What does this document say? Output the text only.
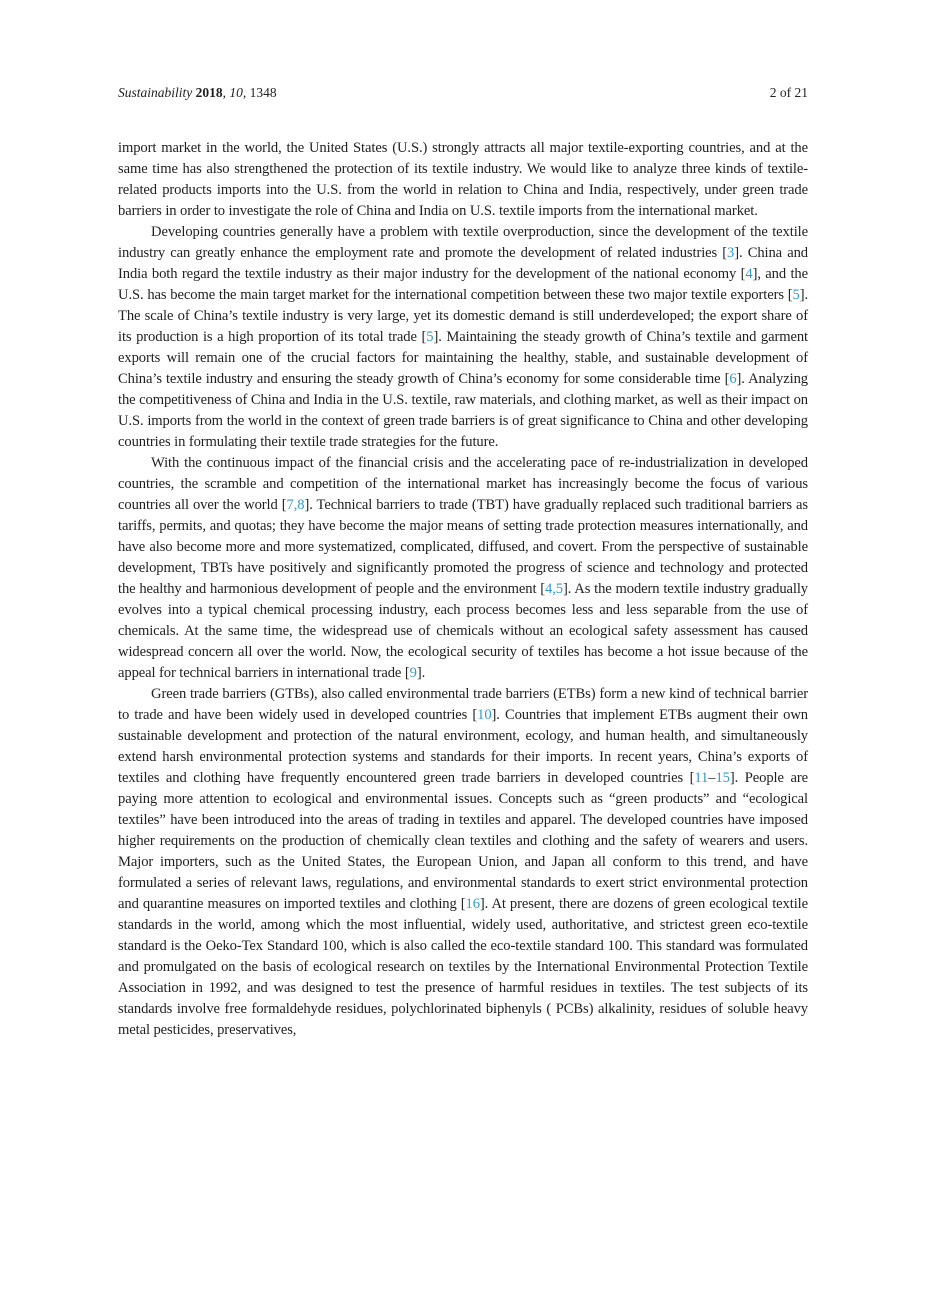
Sustainability 2018, 10, 1348	2 of 21

import market in the world, the United States (U.S.) strongly attracts all major textile-exporting countries, and at the same time has also strengthened the protection of its textile industry. We would like to analyze three kinds of textile-related products imports into the U.S. from the world in relation to China and India, respectively, under green trade barriers in order to investigate the role of China and India on U.S. textile imports from the international market.

Developing countries generally have a problem with textile overproduction, since the development of the textile industry can greatly enhance the employment rate and promote the development of related industries [3]. China and India both regard the textile industry as their major industry for the development of the national economy [4], and the U.S. has become the main target market for the international competition between these two major textile exporters [5]. The scale of China’s textile industry is very large, yet its domestic demand is still underdeveloped; the export share of its production is a high proportion of its total trade [5]. Maintaining the steady growth of China’s textile and garment exports will remain one of the crucial factors for maintaining the healthy, stable, and sustainable development of China’s textile industry and ensuring the steady growth of China’s economy for some considerable time [6]. Analyzing the competitiveness of China and India in the U.S. textile, raw materials, and clothing market, as well as their impact on U.S. imports from the world in the context of green trade barriers is of great significance to China and other developing countries in formulating their textile trade strategies for the future.

With the continuous impact of the financial crisis and the accelerating pace of re-industrialization in developed countries, the scramble and competition of the international market has increasingly become the focus of various countries all over the world [7,8]. Technical barriers to trade (TBT) have gradually replaced such traditional barriers as tariffs, permits, and quotas; they have become the major means of setting trade protection measures internationally, and have also become more and more systematized, complicated, diffused, and covert. From the perspective of sustainable development, TBTs have positively and significantly promoted the progress of science and technology and protected the healthy and harmonious development of people and the environment [4,5]. As the modern textile industry gradually evolves into a typical chemical processing industry, each process becomes less and less separable from the use of chemicals. At the same time, the widespread use of chemicals without an ecological safety assessment has caused widespread concern all over the world. Now, the ecological security of textiles has become a hot issue because of the appeal for technical barriers in international trade [9].

Green trade barriers (GTBs), also called environmental trade barriers (ETBs) form a new kind of technical barrier to trade and have been widely used in developed countries [10]. Countries that implement ETBs augment their own sustainable development and protection of the natural environment, ecology, and human health, and simultaneously extend harsh environmental protection systems and standards for their imports. In recent years, China’s exports of textiles and clothing have frequently encountered green trade barriers in developed countries [11–15]. People are paying more attention to ecological and environmental issues. Concepts such as “green products” and “ecological textiles” have been introduced into the areas of trading in textiles and apparel. The developed countries have imposed higher requirements on the production of chemically clean textiles and clothing and the safety of wearers and users. Major importers, such as the United States, the European Union, and Japan all conform to this trend, and have formulated a series of relevant laws, regulations, and environmental standards to exert strict environmental protection and quarantine measures on imported textiles and clothing [16]. At present, there are dozens of green ecological textile standards in the world, among which the most influential, widely used, authoritative, and strictest green eco-textile standard is the Oeko-Tex Standard 100, which is also called the eco-textile standard 100. This standard was formulated and promulgated on the basis of ecological research on textiles by the International Environmental Protection Textile Association in 1992, and was designed to test the presence of harmful residues in textiles. The test subjects of its standards involve free formaldehyde residues, polychlorinated biphenyls ( PCBs) alkalinity, residues of soluble heavy metal pesticides, preservatives,
